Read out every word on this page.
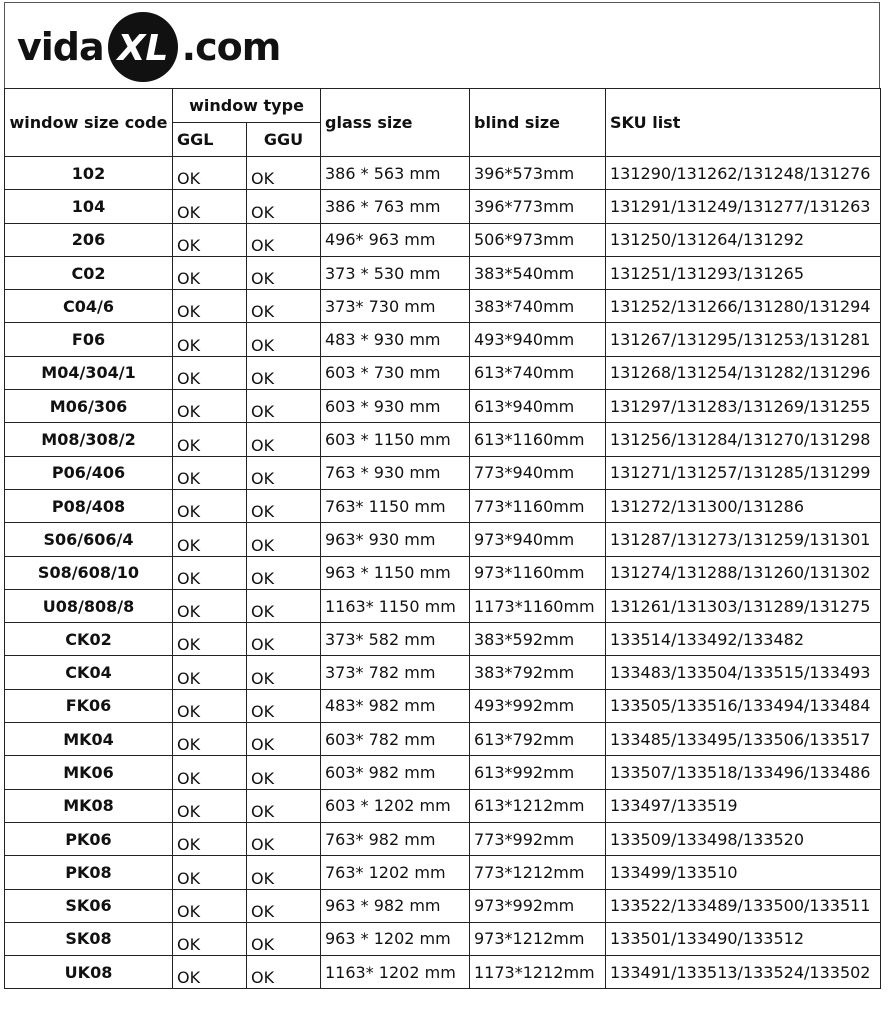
vida XL .com
window size code	window type		glass size	blind size	SKU list
	GGL	GGU			
102	OK	OK	386 * 563 mm	396*573mm	131290/131262/131248/131276
104	OK	OK	386 * 763 mm	396*773mm	131291/131249/131277/131263
206	OK	OK	496* 963 mm	506*973mm	131250/131264/131292
C02	OK	OK	373 * 530 mm	383*540mm	131251/131293/131265
C04/6	OK	OK	373* 730 mm	383*740mm	131252/131266/131280/131294
F06	OK	OK	483 * 930 mm	493*940mm	131267/131295/131253/131281
M04/304/1	OK	OK	603 * 730 mm	613*740mm	131268/131254/131282/131296
M06/306	OK	OK	603 * 930 mm	613*940mm	131297/131283/131269/131255
M08/308/2	OK	OK	603 * 1150 mm	613*1160mm	131256/131284/131270/131298
P06/406	OK	OK	763 * 930 mm	773*940mm	131271/131257/131285/131299
P08/408	OK	OK	763* 1150 mm	773*1160mm	131272/131300/131286
S06/606/4	OK	OK	963* 930 mm	973*940mm	131287/131273/131259/131301
S08/608/10	OK	OK	963 * 1150 mm	973*1160mm	131274/131288/131260/131302
U08/808/8	OK	OK	1163* 1150 mm	1173*1160mm	131261/131303/131289/131275
CK02	OK	OK	373* 582 mm	383*592mm	133514/133492/133482
CK04	OK	OK	373* 782 mm	383*792mm	133483/133504/133515/133493
FK06	OK	OK	483* 982 mm	493*992mm	133505/133516/133494/133484
MK04	OK	OK	603* 782 mm	613*792mm	133485/133495/133506/133517
MK06	OK	OK	603* 982 mm	613*992mm	133507/133518/133496/133486
MK08	OK	OK	603 * 1202 mm	613*1212mm	133497/133519
PK06	OK	OK	763* 982 mm	773*992mm	133509/133498/133520
PK08	OK	OK	763* 1202 mm	773*1212mm	133499/133510
SK06	OK	OK	963 * 982 mm	973*992mm	133522/133489/133500/133511
SK08	OK	OK	963 * 1202 mm	973*1212mm	133501/133490/133512
UK08	OK	OK	1163* 1202 mm	1173*1212mm	133491/133513/133524/133502
